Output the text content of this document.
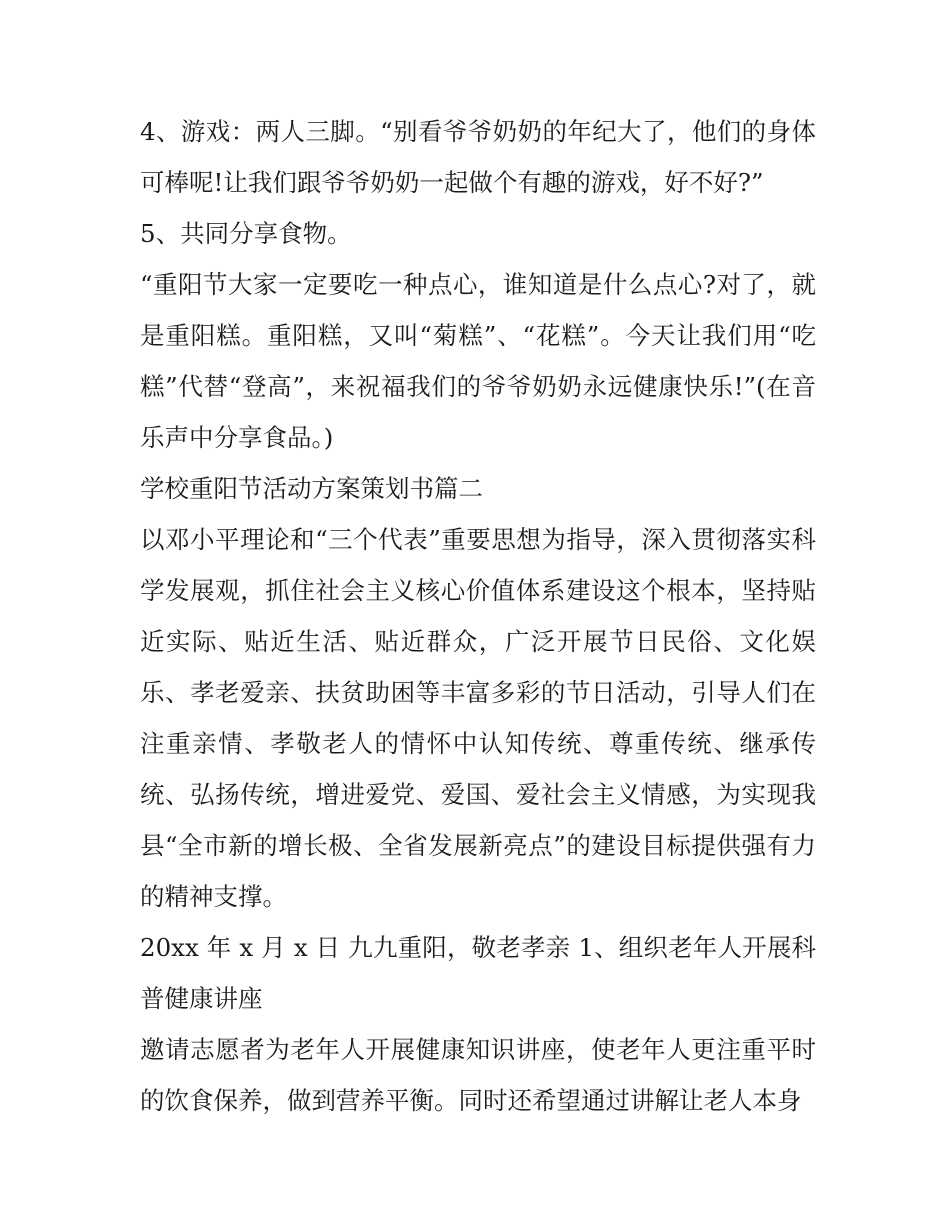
4、游戏：两人三脚。“别看爷爷奶奶的年纪大了，他们的身体可棒呢!让我们跟爷爷奶奶一起做个有趣的游戏，好不好?”

5、共同分享食物。

“重阳节大家一定要吃一种点心，谁知道是什么点心?对了，就是重阳糕。重阳糕，又叫“菊糕”、“花糕”。今天让我们用“吃糕”代替“登高”，来祝福我们的爷爷奶奶永远健康快乐!”(在音乐声中分享食品。)

学校重阳节活动方案策划书篇二

以邓小平理论和“三个代表”重要思想为指导，深入贯彻落实科学发展观，抓住社会主义核心价值体系建设这个根本，坚持贴近实际、贴近生活、贴近群众，广泛开展节日民俗、文化娱乐、孝老爱亲、扶贫助困等丰富多彩的节日活动，引导人们在注重亲情、孝敬老人的情怀中认知传统、尊重传统、继承传统、弘扬传统，增进爱党、爱国、爱社会主义情感，为实现我县“全市新的增长极、全省发展新亮点”的建设目标提供强有力的精神支撑。

20xx 年 x 月 x 日 九九重阳，敬老孝亲 1、组织老年人开展科普健康讲座

邀请志愿者为老年人开展健康知识讲座，使老年人更注重平时的饮食保养，做到营养平衡。同时还希望通过讲解让老人本身
